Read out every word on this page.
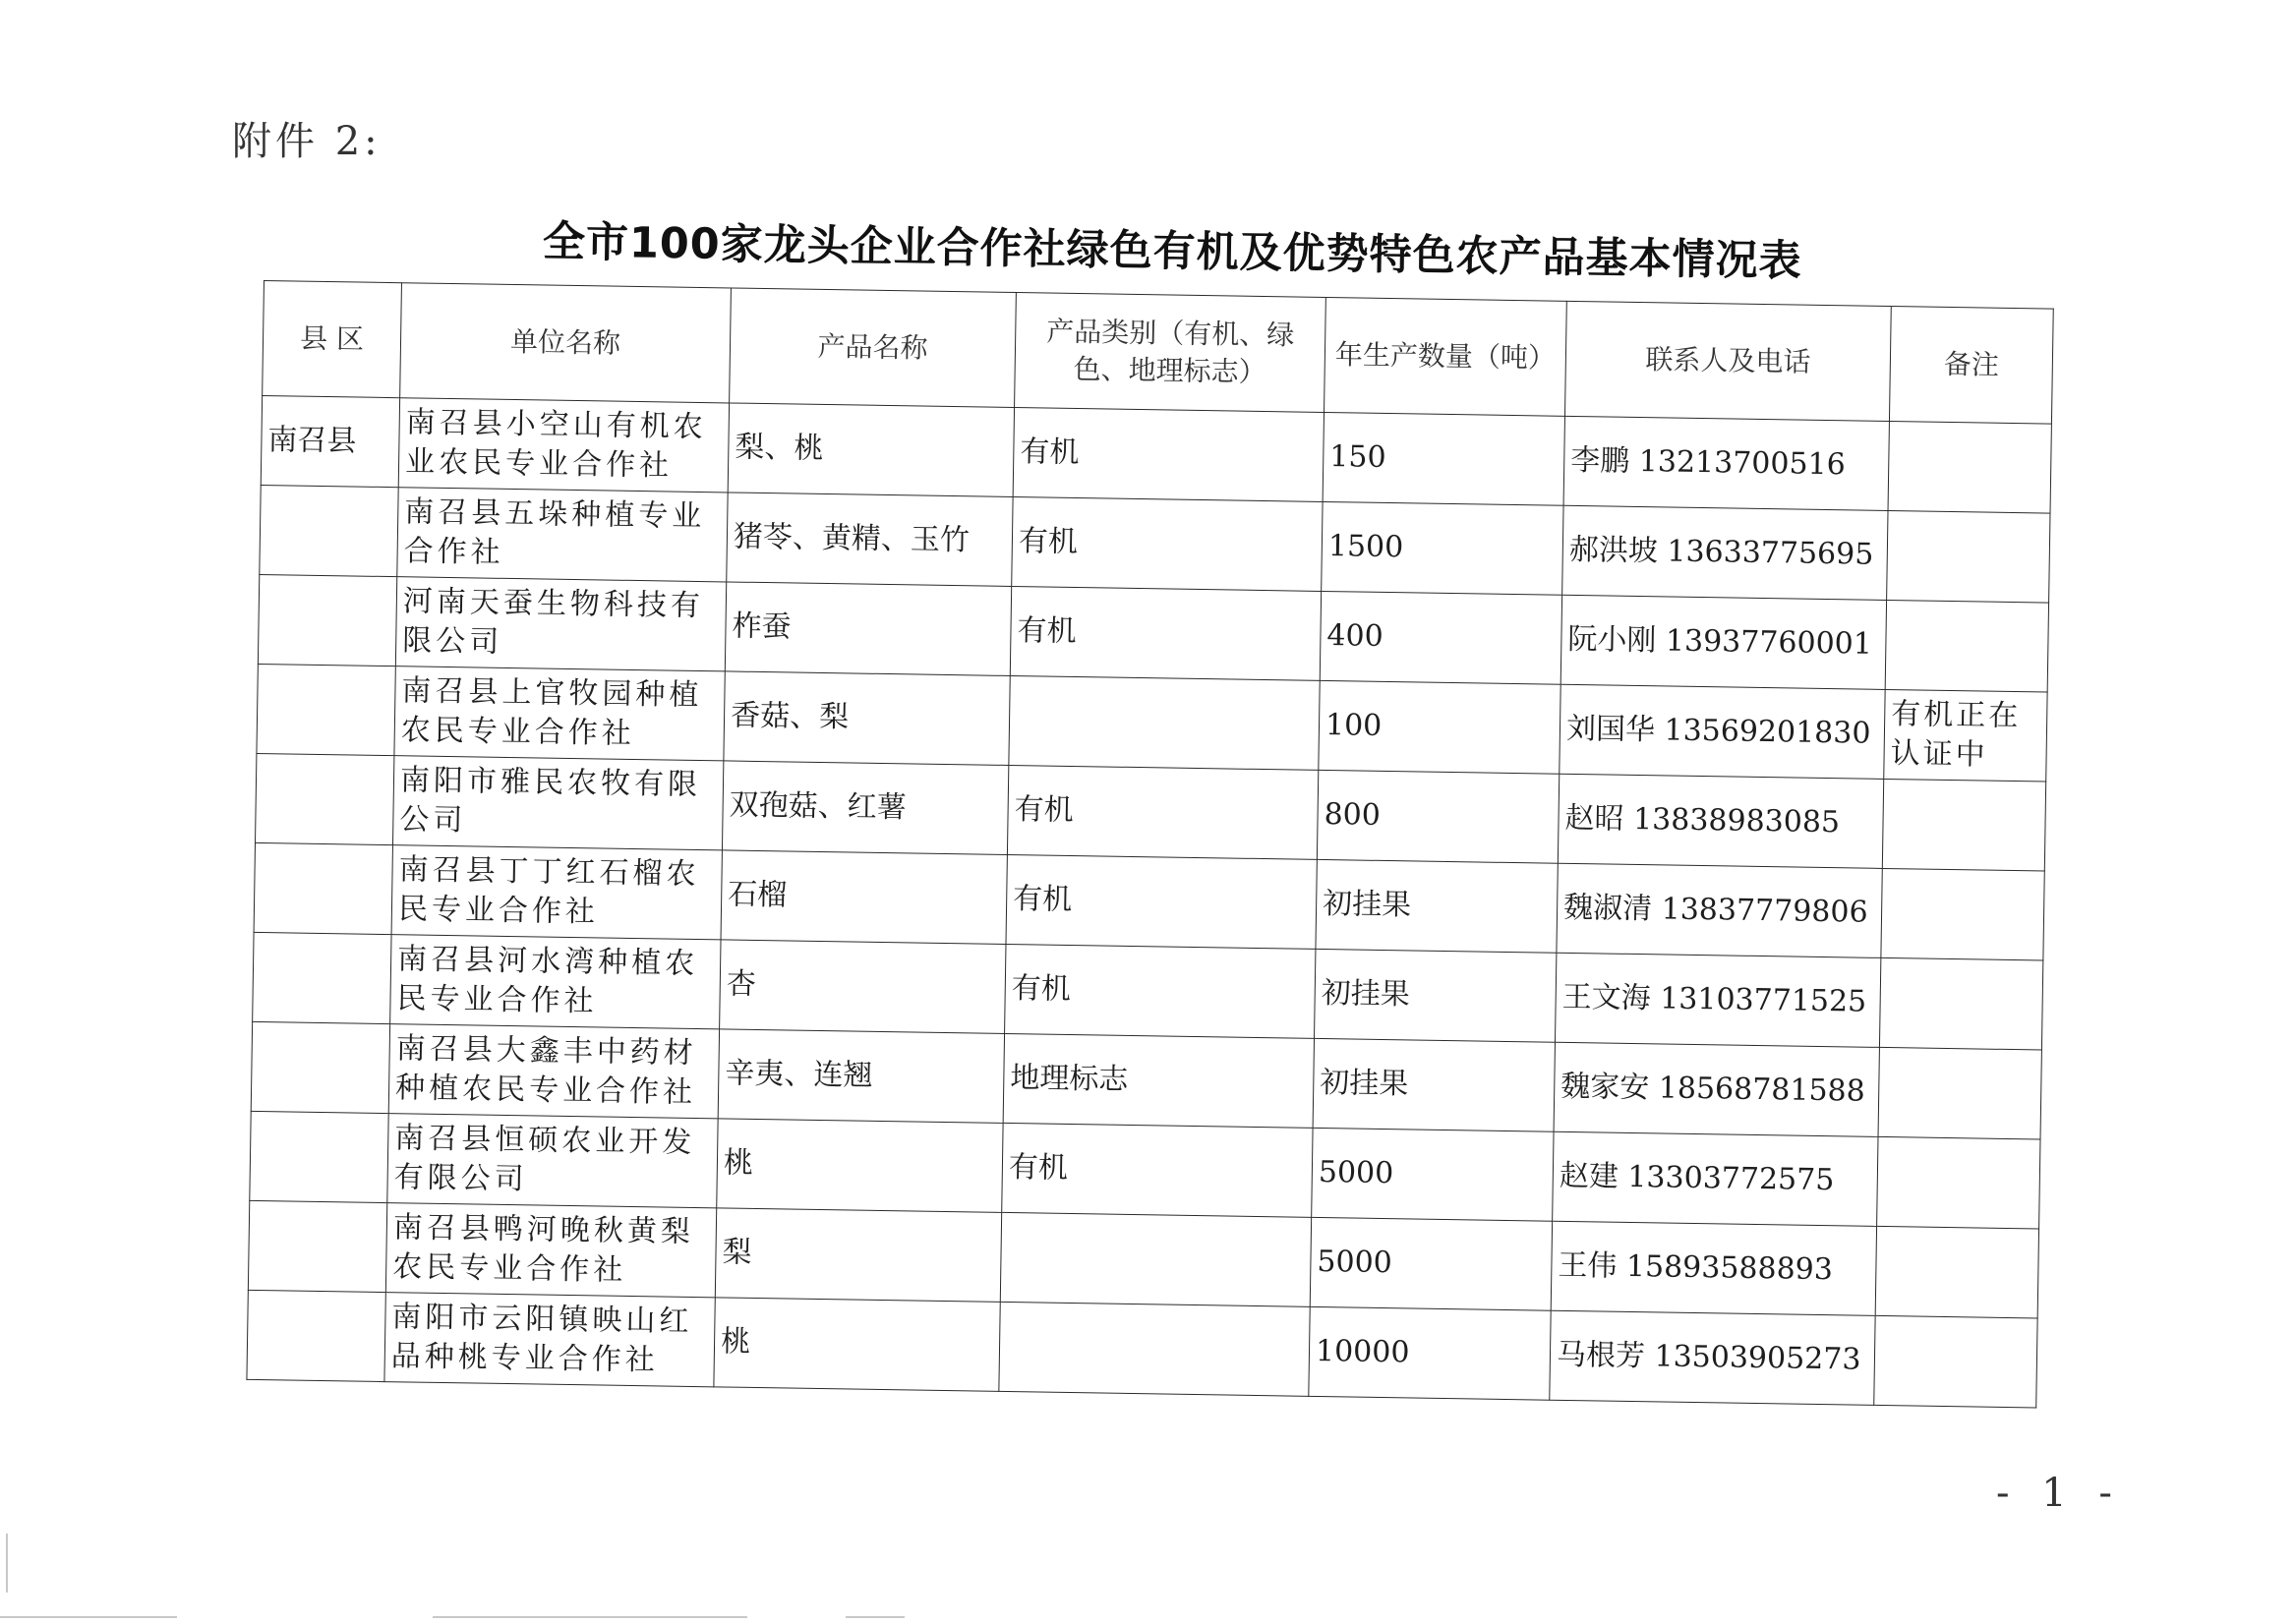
附件 2:
全市100家龙头企业合作社绿色有机及优势特色农产品基本情况表
县 区	单位名称	产品名称	产品类别（有机、绿色、地理标志）	年生产数量（吨）	联系人及电话	备注
南召县	南召县小空山有机农业农民专业合作社	梨、桃	有机	150	李鹏 13213700516	
	南召县五垛种植专业合作社	猪苓、黄精、玉竹	有机	1500	郝洪坡 13633775695	
	河南天蚕生物科技有限公司	柞蚕	有机	400	阮小刚 13937760001	
	南召县上官牧园种植农民专业合作社	香菇、梨		100	刘国华 13569201830	有机正在认证中
	南阳市雅民农牧有限公司	双孢菇、红薯	有机	800	赵昭 13838983085	
	南召县丁丁红石榴农民专业合作社	石榴	有机	初挂果	魏淑清 13837779806	
	南召县河水湾种植农民专业合作社	杏	有机	初挂果	王文海 13103771525	
	南召县大鑫丰中药材种植农民专业合作社	辛夷、连翘	地理标志	初挂果	魏家安 18568781588	
	南召县恒硕农业开发有限公司	桃	有机	5000	赵建 13303772575	
	南召县鸭河晚秋黄梨农民专业合作社	梨		5000	王伟 15893588893	
	南阳市云阳镇映山红品种桃专业合作社	桃		10000	马根芳 13503905273	
- 1 -
